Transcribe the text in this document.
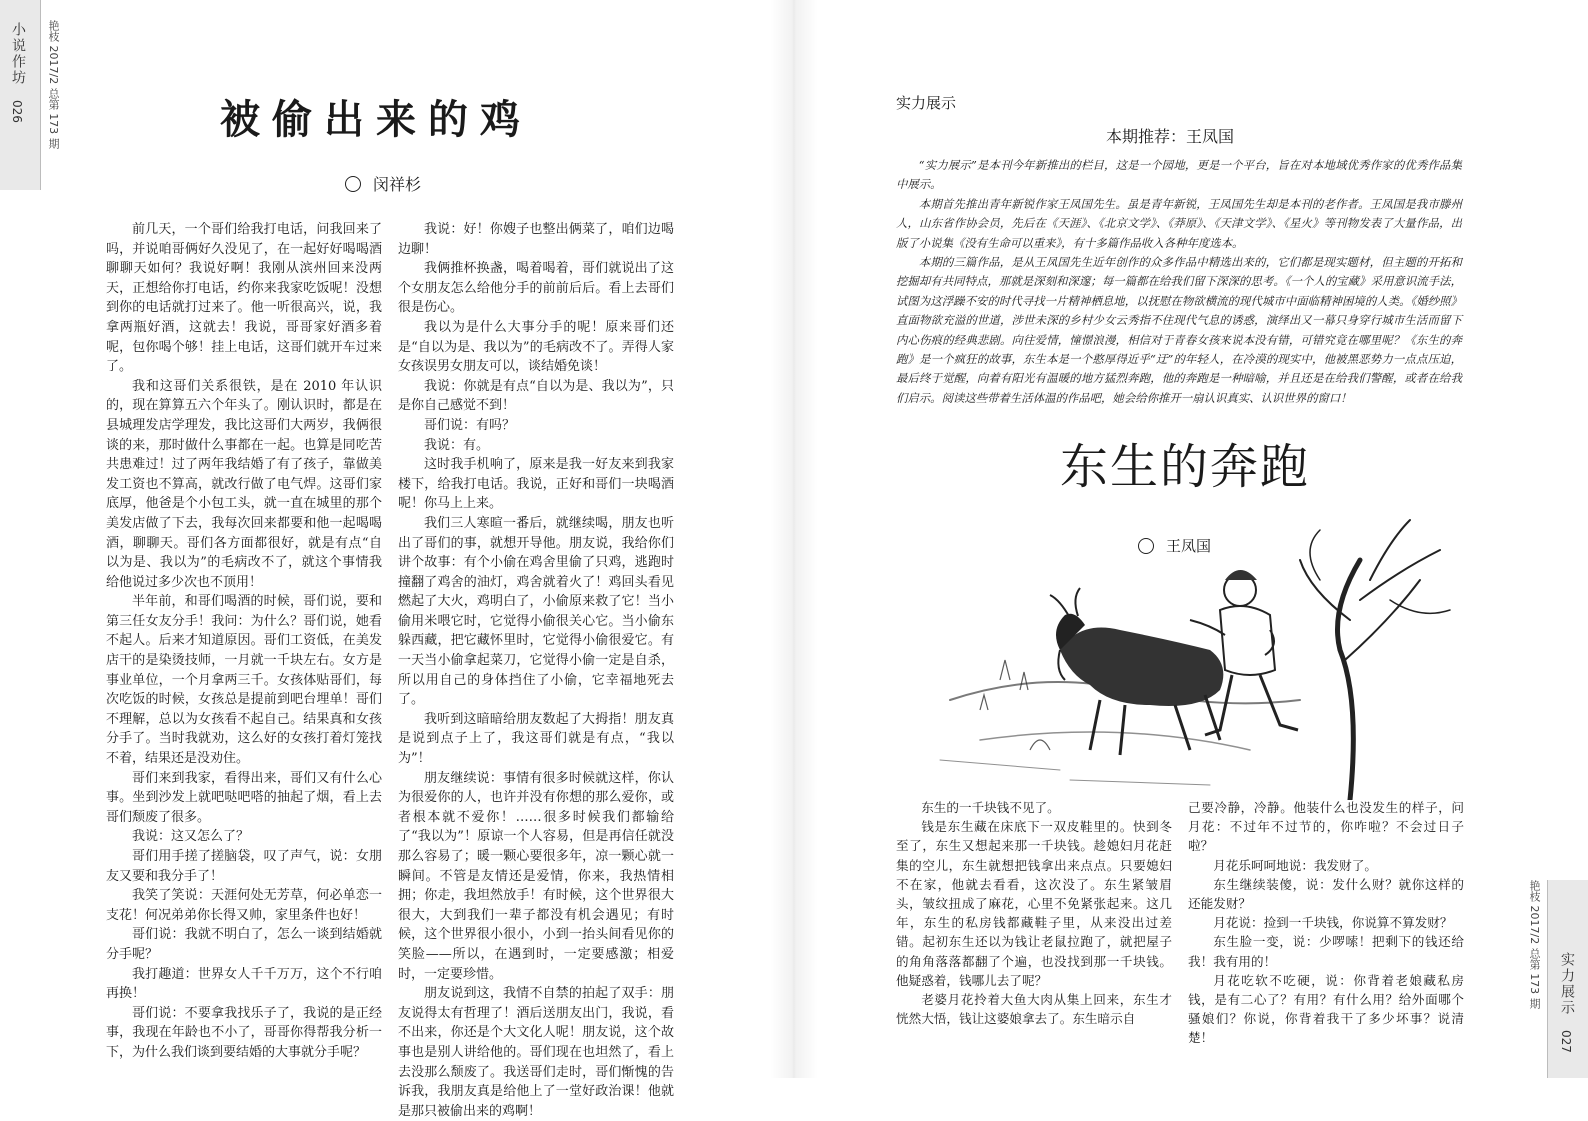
小说作坊
026 艳枝 2017/2 总第 173 期	被偷出来的鸡
闵祥杉

前几天，一个哥们给我打电话，问我回来了吗，并说咱哥俩好久没见了，在一起好好喝喝酒聊聊天如何？我说好啊！我刚从滨州回来没两天，正想给你打电话，约你来我家吃饭呢！没想到你的电话就打过来了。他一听很高兴，说，我拿两瓶好酒，这就去！我说，哥哥家好酒多着呢，包你喝个够！挂上电话，这哥们就开车过来了。

我和这哥们关系很铁，是在 2010 年认识的，现在算算五六个年头了。刚认识时，都是在县城理发店学理发，我比这哥们大两岁，我俩很谈的来，那时做什么事都在一起。也算是同吃苦共患难过！过了两年我结婚了有了孩子，靠做美发工资也不算高，就改行做了电气焊。这哥们家底厚，他爸是个小包工头，就一直在城里的那个美发店做了下去，我每次回来都要和他一起喝喝酒，聊聊天。哥们各方面都很好，就是有点“自以为是、我以为”的毛病改不了，就这个事情我给他说过多少次也不顶用！

半年前，和哥们喝酒的时候，哥们说，要和第三任女友分手！我问：为什么？哥们说，她看不起人。后来才知道原因。哥们工资低，在美发店干的是染烫技师，一月就一千块左右。女方是事业单位，一个月拿两三千。女孩体贴哥们，每次吃饭的时候，女孩总是提前到吧台埋单！哥们不理解，总以为女孩看不起自己。结果真和女孩分手了。当时我就劝，这么好的女孩打着灯笼找不着，结果还是没劝住。

哥们来到我家，看得出来，哥们又有什么心事。坐到沙发上就吧哒吧嗒的抽起了烟，看上去哥们颓废了很多。

我说：这又怎么了？

哥们用手搓了搓脑袋，叹了声气，说：女朋友又要和我分手了！

我笑了笑说：天涯何处无芳草，何必单恋一支花！何况弟弟你长得又帅，家里条件也好！

哥们说：我就不明白了，怎么一谈到结婚就分手呢？

我打趣道：世界女人千千万万，这个不行咱再换！

哥们说：不要拿我找乐子了，我说的是正经事，我现在年龄也不小了，哥哥你得帮我分析一下，为什么我们谈到要结婚的大事就分手呢？

我说：好！你嫂子也整出俩菜了，咱们边喝边聊！

我俩推杯换盏，喝着喝着，哥们就说出了这个女朋友怎么给他分手的前前后后。看上去哥们很是伤心。

我以为是什么大事分手的呢！原来哥们还是“自以为是、我以为”的毛病改不了。弄得人家女孩误男女朋友可以，谈结婚免谈！

我说：你就是有点“自以为是、我以为”，只是你自己感觉不到！

哥们说：有吗？

我说：有。

这时我手机响了，原来是我一好友来到我家楼下，给我打电话。我说，正好和哥们一块喝酒呢！你马上上来。

我们三人寒暄一番后，就继续喝，朋友也听出了哥们的事，就想开导他。朋友说，我给你们讲个故事：有个小偷在鸡舍里偷了只鸡，逃跑时撞翻了鸡舍的油灯，鸡舍就着火了！鸡回头看见燃起了大火，鸡明白了，小偷原来救了它！当小偷用米喂它时，它觉得小偷很关心它。当小偷东躲西藏，把它藏怀里时，它觉得小偷很爱它。有一天当小偷拿起菜刀，它觉得小偷一定是自杀，所以用自己的身体挡住了小偷，它幸福地死去了。

我听到这暗暗给朋友数起了大拇指！朋友真是说到点子上了，我这哥们就是有点，“我以为”！

朋友继续说：事情有很多时候就这样，你认为很爱你的人，也许并没有你想的那么爱你，或者根本就不爱你！……很多时候我们都输给了“我以为”！原谅一个人容易，但是再信任就没那么容易了；暖一颗心要很多年，凉一颗心就一瞬间。不管是友情还是爱情，你来，我热情相拥；你走，我坦然放手！有时候，这个世界很大很大，大到我们一辈子都没有机会遇见；有时候，这个世界很小很小，小到一抬头间看见你的笑脸——所以，在遇到时，一定要感激；相爱时，一定要珍惜。

朋友说到这，我情不自禁的拍起了双手：朋友说得太有哲理了！酒后送朋友出门，我说，看不出来，你还是个大文化人呢！朋友说，这个故事也是别人讲给他的。哥们现在也坦然了，看上去没那么颓废了。我送哥们走时，哥们惭愧的告诉我，我朋友真是给他上了一堂好政治课！他就是那只被偷出来的鸡啊！

实力展示
本期推荐：王凤国

“实力展示”是本刊今年新推出的栏目，这是一个园地，更是一个平台，旨在对本地域优秀作家的优秀作品集中展示。

本期首先推出青年新锐作家王凤国先生。虽是青年新锐，王凤国先生却是本刊的老作者。王凤国是我市滕州人，山东省作协会员，先后在《天涯》、《北京文学》、《莽原》、《天津文学》、《星火》等刊物发表了大量作品，出版了小说集《没有生命可以重来》，有十多篇作品收入各种年度选本。

本期的三篇作品，是从王凤国先生近年创作的众多作品中精选出来的，它们都是现实题材，但主题的开拓和挖掘却有共同特点，那就是深刻和深邃；每一篇都在给我们留下深深的思考。《一个人的宝藏》采用意识流手法，试图为这浮躁不安的时代寻找一片精神栖息地，以抚慰在物欲横流的现代城市中面临精神困境的人类。《婚纱照》直面物欲充溢的世道，涉世未深的乡村少女云秀指不住现代气息的诱惑，演绎出又一幕只身穿行城市生活而留下内心伤痕的经典悲剧。向往爱情，憧憬浪漫，相信对于青春女孩来说本没有错，可错究竟在哪里呢？《东生的奔跑》是一个疯狂的故事，东生本是一个憨厚得近乎“迂”的年轻人，在冷漠的现实中，他被黑恶势力一点点压迫，最后终于觉醒，向着有阳光有温暖的地方猛烈奔跑，他的奔跑是一种暗喻，并且还是在给我们警醒，或者在给我们启示。阅读这些带着生活体温的作品吧，她会给你推开一扇认识真实、认识世界的窗口！

东生的奔跑
王凤国

东生的一千块钱不见了。

钱是东生藏在床底下一双皮鞋里的。快到冬至了，东生又想起来那一千块钱。趁媳妇月花赶集的空儿，东生就想把钱拿出来点点。只要媳妇不在家，他就去看看，这次没了。东生紧皱眉头，皱纹扭成了麻花，心里不免紧张起来。这几年，东生的私房钱都藏鞋子里，从来没出过差错。起初东生还以为钱让老鼠拉跑了，就把屋子的角角落落都翻了个遍，也没找到那一千块钱。他疑惑着，钱哪儿去了呢？

老婆月花拎着大鱼大肉从集上回来，东生才恍然大悟，钱让这婆娘拿去了。东生暗示自

己要冷静，冷静。他装什么也没发生的样子，问月花：不过年不过节的，你咋啦？不会过日子啦？

月花乐呵呵地说：我发财了。

东生继续装傻，说：发什么财？就你这样的还能发财？

月花说：捡到一千块钱，你说算不算发财？

东生脸一变，说：少啰嗦！把剩下的钱还给我！我有用的！

月花吃软不吃硬，说：你背着老娘藏私房钱，是有二心了？有用？有什么用？给外面哪个骚娘们？你说，你背着我干了多少坏事？说清楚！

艳枝 2017/2 总第 173 期 实力展示
027
